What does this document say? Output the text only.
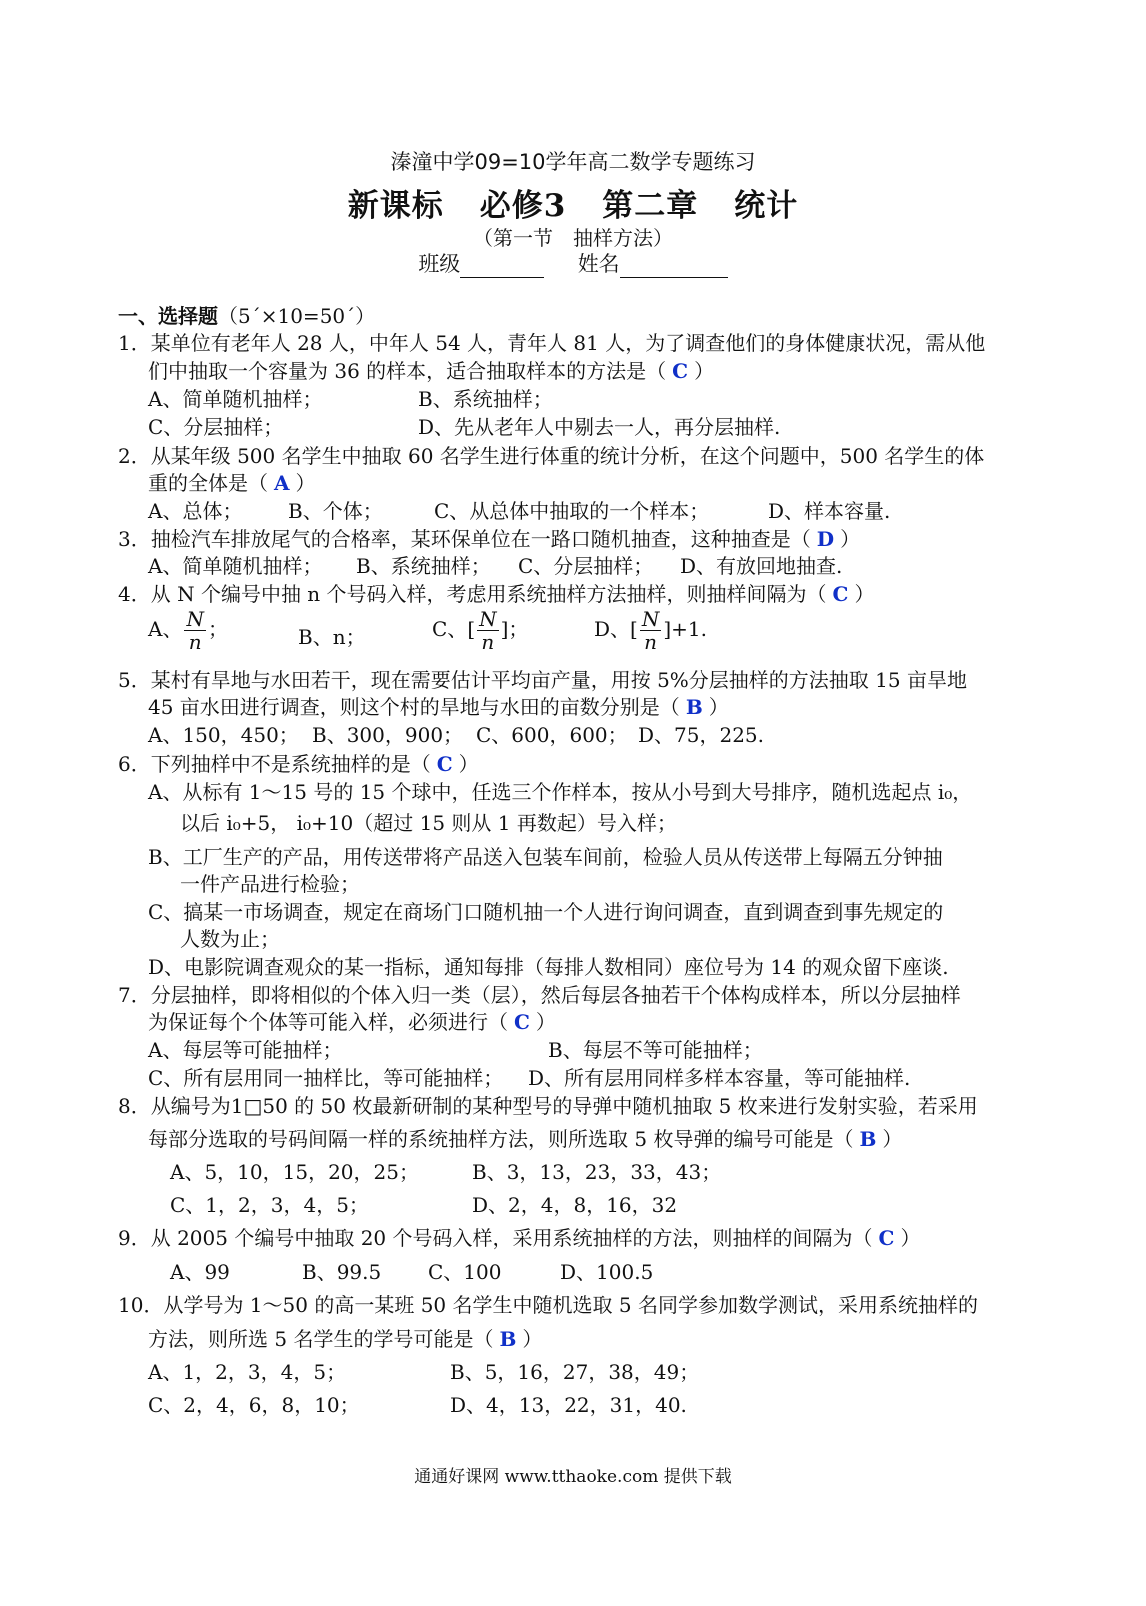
溱潼中学09=10学年高二数学专题练习
新课标 必修3 第二章 统计
（第一节　抽样方法）
班级	姓名
一、选择题（5´×10=50´）
1．某单位有老年人 28 人，中年人 54 人，青年人 81 人，为了调查他们的身体健康状况，需从他
们中抽取一个容量为 36 的样本，适合抽取样本的方法是（ C ）
A、简单随机抽样；	B、系统抽样；
C、分层抽样；	D、先从老年人中剔去一人，再分层抽样.
2．从某年级 500 名学生中抽取 60 名学生进行体重的统计分析，在这个问题中，500 名学生的体
重的全体是（ A ）
A、总体； B、个体；	C、从总体中抽取的一个样本；	D、样本容量.
3．抽检汽车排放尾气的合格率，某环保单位在一路口随机抽查，这种抽查是（ D ）
A、简单随机抽样； B、系统抽样； C、分层抽样； D、有放回地抽查.
4．从 N 个编号中抽 n 个号码入样，考虑用系统抽样方法抽样，则抽样间隔为（ C ）
A、 $\frac{N}{n}$ ；	B、n；	C、[ $\frac{N}{n}$ ]；	D、[ $\frac{N}{n} ]+1$.
5．某村有旱地与水田若干，现在需要估计平均亩产量，用按 5%分层抽样的方法抽取 15 亩旱地
45 亩水田进行调查，则这个村的旱地与水田的亩数分别是（ B ）
A、150，450； B、300，900； C、600，600； D、75，225.
6．下列抽样中不是系统抽样的是（ C ）
A、从标有 1～15 号的 15 个球中，任选三个作样本，按从小号到大号排序，随机选起点 i₀，
以后 i₀+5， i₀+10（超过 15 则从 1 再数起）号入样；
B、工厂生产的产品，用传送带将产品送入包装车间前，检验人员从传送带上每隔五分钟抽
一件产品进行检验；
C、搞某一市场调查，规定在商场门口随机抽一个人进行询问调查，直到调查到事先规定的
人数为止；
D、电影院调查观众的某一指标，通知每排（每排人数相同）座位号为 14 的观众留下座谈.
7．分层抽样，即将相似的个体入归一类（层），然后每层各抽若干个体构成样本，所以分层抽样
为保证每个个体等可能入样，必须进行（ C ）
A、每层等可能抽样；	B、每层不等可能抽样；
C、所有层用同一抽样比，等可能抽样； D、所有层用同样多样本容量，等可能抽样.
8．从编号为1□50 的 50 枚最新研制的某种型号的导弹中随机抽取 5 枚来进行发射实验，若采用
每部分选取的号码间隔一样的系统抽样方法，则所选取 5 枚导弹的编号可能是（ B ）
A、5，10，15，20，25；	B、3，13，23，33，43；
C、1，2，3，4，5；	D、2，4，8，16，32
9．从 2005 个编号中抽取 20 个号码入样，采用系统抽样的方法，则抽样的间隔为（ C ）
A、99	B、99.5 C、100	D、100.5
10．从学号为 1～50 的高一某班 50 名学生中随机选取 5 名同学参加数学测试，采用系统抽样的
方法，则所选 5 名学生的学号可能是（ B ）
A、1，2，3，4，5；	B、5，16，27，38，49；
C、2，4，6，8，10；	D、4，13，22，31，40.
通通好课网 www.tthaoke.com 提供下载
